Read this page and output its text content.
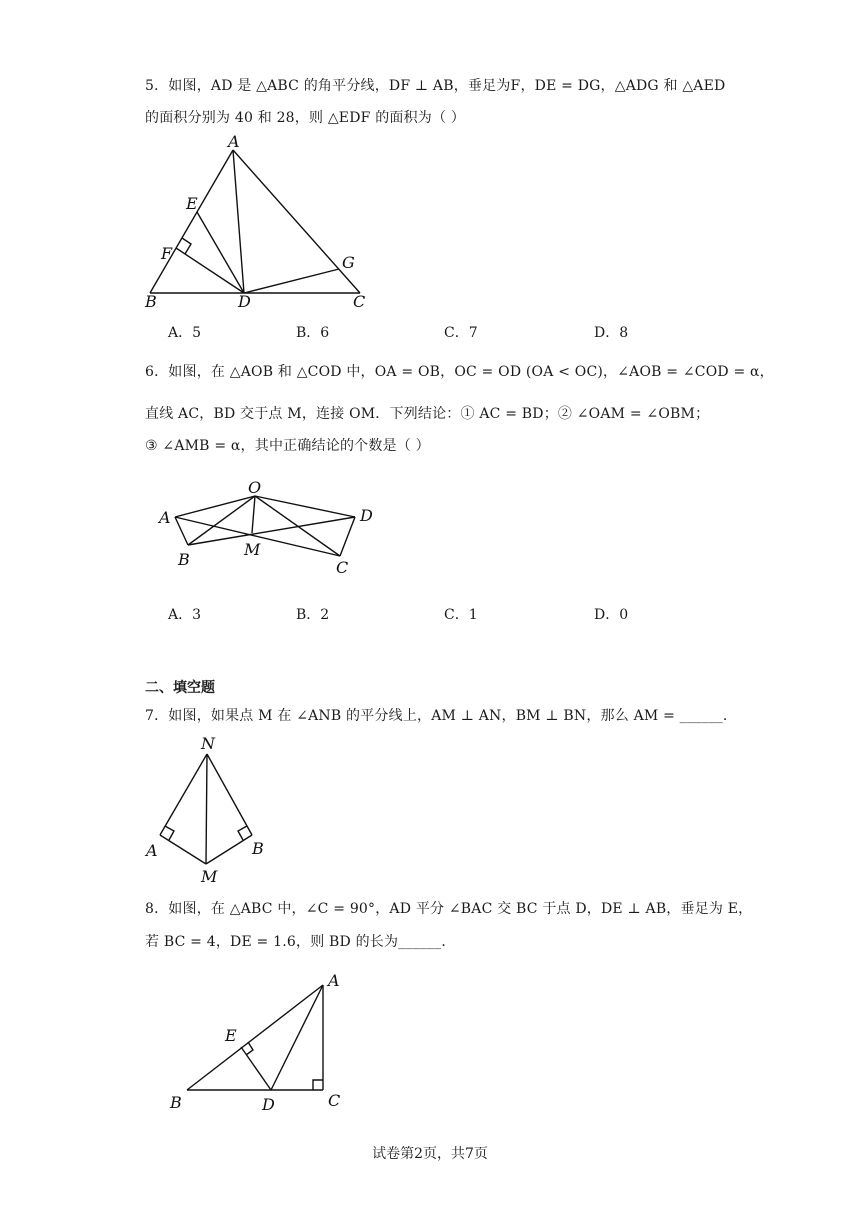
5．如图，AD 是 △ABC 的角平分线，DF ⊥ AB，垂足为F，DE = DG，△ADG 和 △AED
的面积分别为 40 和 28，则 △EDF 的面积为（ ）
A
E
F	G
B	D	C
A．5	B．6	C．7	D．8
6．如图，在 △AOB 和 △COD 中，OA = OB，OC = OD (OA < OC)，∠AOB = ∠COD = α，
直线 AC，BD 交于点 M，连接 OM．下列结论：① AC = BD；② ∠OAM = ∠OBM；
③ ∠AMB = α，其中正确结论的个数是（ ）
O
A
B
M
C
D
A．3	B．2	C．1	D．0
二、填空题
7．如图，如果点 M 在 ∠ANB 的平分线上，AM ⊥ AN，BM ⊥ BN，那么 AM = ______．
N
A	B
M
8．如图，在 △ABC 中，∠C = 90°，AD 平分 ∠BAC 交 BC 于点 D，DE ⊥ AB，垂足为 E，
若 BC = 4，DE = 1.6，则 BD 的长为______．
A
E
B	D	C
试卷第2页，共7页
